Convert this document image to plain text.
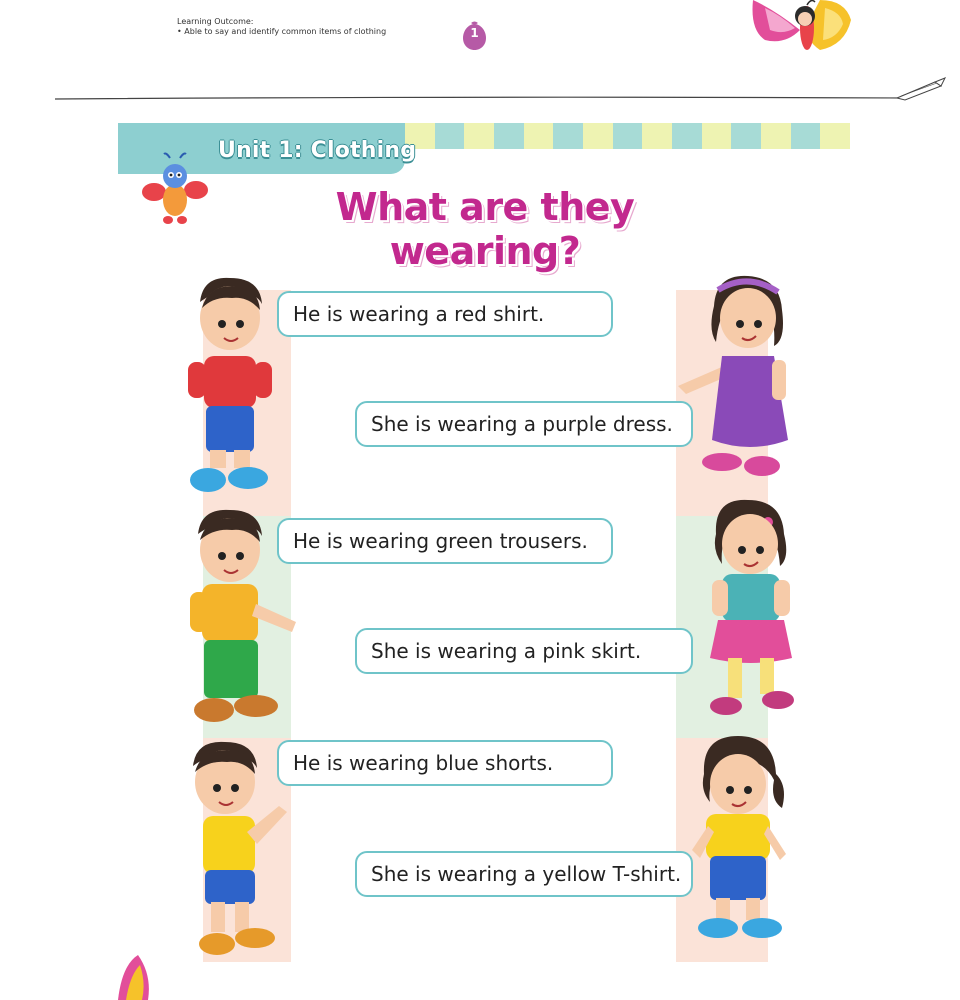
Learning Outcome:
• Able to say and identify common items of clothing	1
Unit 1: Clothing
What are they wearing?
He is wearing a red shirt.
She is wearing a purple dress.
He is wearing green trousers.
She is wearing a pink skirt.
He is wearing blue shorts.
She is wearing a yellow T-shirt.
